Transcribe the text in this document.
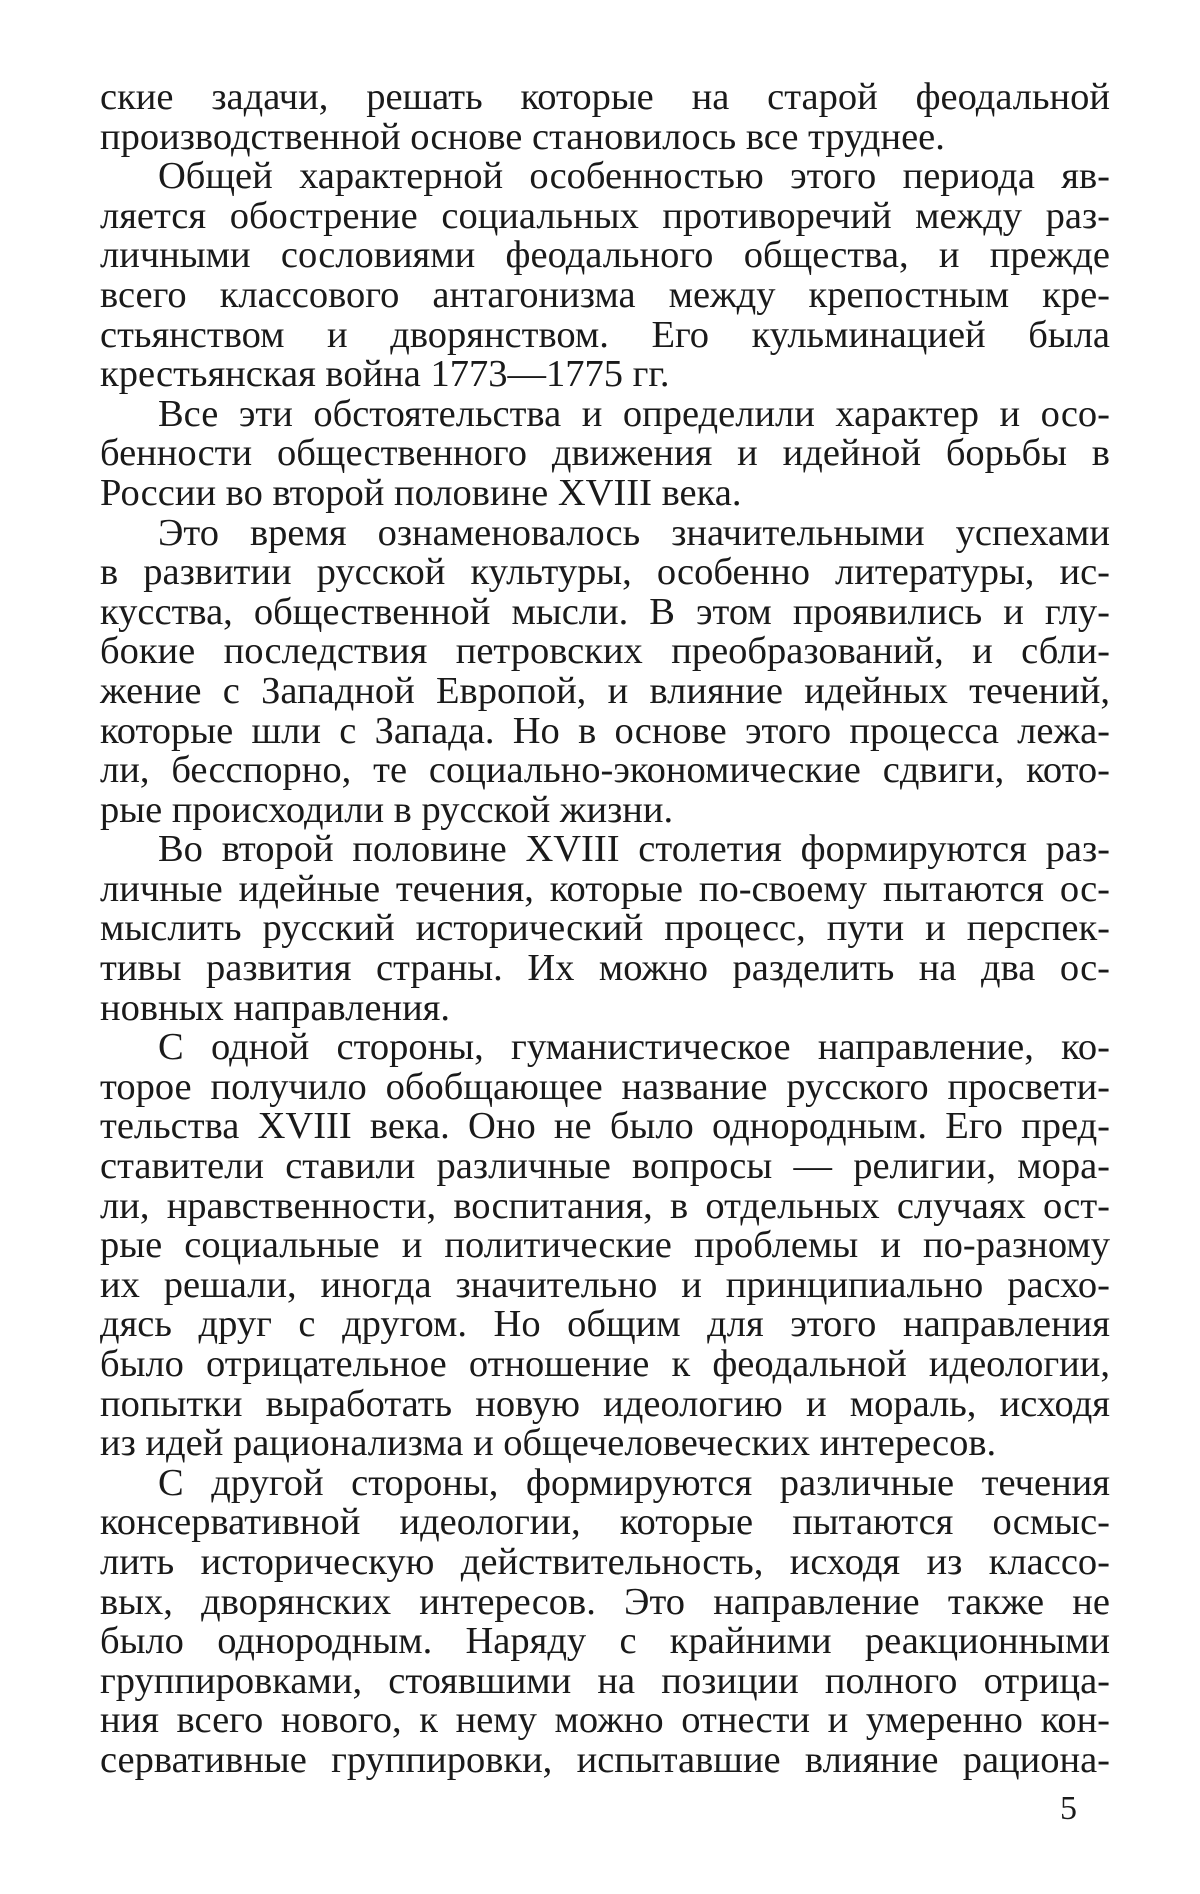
ские задачи, решать которые на старой феодальной
производственной основе становилось все труднее.
Общей характерной особенностью этого периода яв-
ляется обострение социальных противоречий между раз-
личными сословиями феодального общества, и прежде
всего классового антагонизма между крепостным кре-
стьянством и дворянством. Его кульминацией была
крестьянская война 1773—1775 гг.
Все эти обстоятельства и определили характер и осо-
бенности общественного движения и идейной борьбы в
России во второй половине XVIII века.
Это время ознаменовалось значительными успехами
в развитии русской культуры, особенно литературы, ис-
кусства, общественной мысли. В этом проявились и глу-
бокие последствия петровских преобразований, и сбли-
жение с Западной Европой, и влияние идейных течений,
которые шли с Запада. Но в основе этого процесса лежа-
ли, бесспорно, те социально-экономические сдвиги, кото-
рые происходили в русской жизни.
Во второй половине XVIII столетия формируются раз-
личные идейные течения, которые по-своему пытаются ос-
мыслить русский исторический процесс, пути и перспек-
тивы развития страны. Их можно разделить на два ос-
новных направления.
С одной стороны, гуманистическое направление, ко-
торое получило обобщающее название русского просвети-
тельства XVIII века. Оно не было однородным. Его пред-
ставители ставили различные вопросы — религии, мора-
ли, нравственности, воспитания, в отдельных случаях ост-
рые социальные и политические проблемы и по-разному
их решали, иногда значительно и принципиально расхо-
дясь друг с другом. Но общим для этого направления
было отрицательное отношение к феодальной идеологии,
попытки выработать новую идеологию и мораль, исходя
из идей рационализма и общечеловеческих интересов.
С другой стороны, формируются различные течения
консервативной идеологии, которые пытаются осмыс-
лить историческую действительность, исходя из классо-
вых, дворянских интересов. Это направление также не
было однородным. Наряду с крайними реакционными
группировками, стоявшими на позиции полного отрица-
ния всего нового, к нему можно отнести и умеренно кон-
сервативные группировки, испытавшие влияние рациона-
5
